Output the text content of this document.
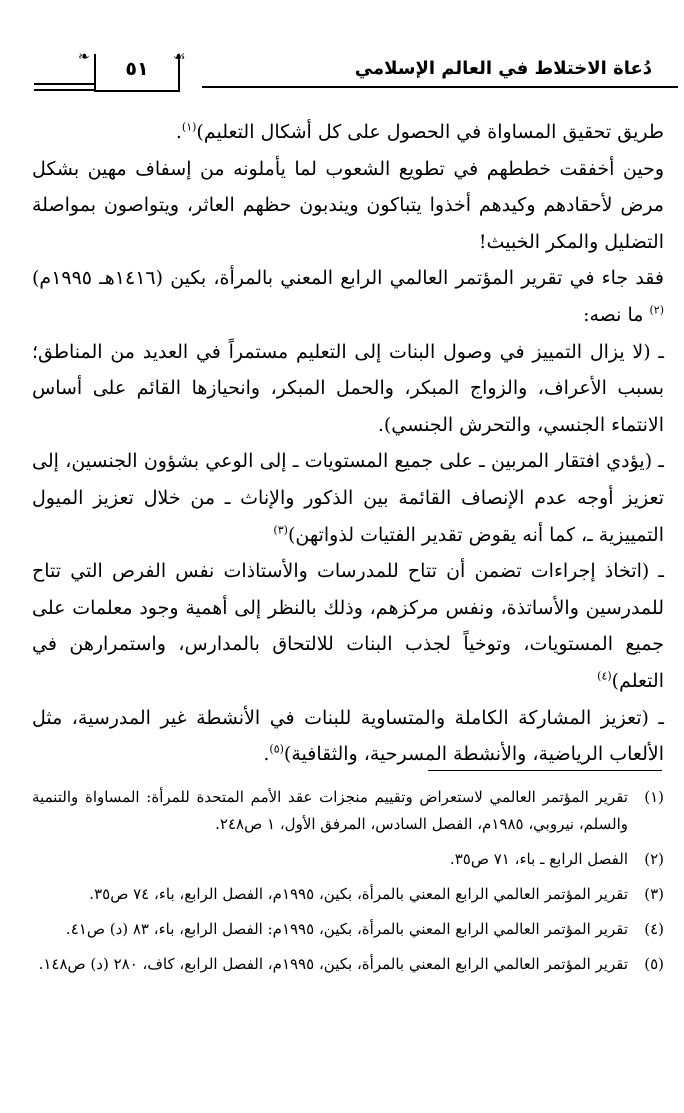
دُعاة الاختلاط في العالم الإسلامي
٥١
❧	☙

طريق تحقيق المساواة في الحصول على كل أشكال التعليم)$^{(١)}$.

وحين أخفقت خططهم في تطويع الشعوب لما يأملونه من إسفاف مهين بشكل مرض لأحقادهم وكيدهم أخذوا يتباكون ويندبون حظهم العاثر، ويتواصون بمواصلة التضليل والمكر الخبيث!

فقد جاء في تقرير المؤتمر العالمي الرابع المعني بالمرأة، بكين (١٤١٦هـ ١٩٩٥م)$^{(٢)}$ ما نصه:

ـ (لا يزال التمييز في وصول البنات إلى التعليم مستمراً في العديد من المناطق؛ بسبب الأعراف، والزواج المبكر، والحمل المبكر، وانحيازها القائم على أساس الانتماء الجنسي، والتحرش الجنسي).

ـ (يؤدي افتقار المربين ـ على جميع المستويات ـ إلى الوعي بشؤون الجنسين، إلى تعزيز أوجه عدم الإنصاف القائمة بين الذكور والإناث ـ من خلال تعزيز الميول التمييزية ـ، كما أنه يقوض تقدير الفتيات لذواتهن)$^{(٣)}$

ـ (اتخاذ إجراءات تضمن أن تتاح للمدرسات والأستاذات نفس الفرص التي تتاح للمدرسين والأساتذة، ونفس مركزهم، وذلك بالنظر إلى أهمية وجود معلمات على جميع المستويات، وتوخياً لجذب البنات للالتحاق بالمدارس، واستمرارهن في التعلم)$^{(٤)}$

ـ (تعزيز المشاركة الكاملة والمتساوية للبنات في الأنشطة غير المدرسية، مثل الألعاب الرياضية، والأنشطة المسرحية، والثقافية)$^{(٥)}$.

(١)
تقرير المؤتمر العالمي لاستعراض وتقييم منجزات عقد الأمم المتحدة للمرأة: المساواة والتنمية والسلم، نيروبي، ١٩٨٥م، الفصل السادس، المرفق الأول، ١ ص٢٤٨.
(٢)
الفصل الرابع ـ باء، ٧١ ص٣٥.
(٣)
تقرير المؤتمر العالمي الرابع المعني بالمرأة، بكين، ١٩٩٥م، الفصل الرابع، باء، ٧٤ ص٣٥.
(٤)
تقرير المؤتمر العالمي الرابع المعني بالمرأة، بكين، ١٩٩٥م: الفصل الرابع، باء، ٨٣ (د) ص٤١.
(٥)
تقرير المؤتمر العالمي الرابع المعني بالمرأة، بكين، ١٩٩٥م، الفصل الرابع، كاف، ٢٨٠ (د) ص١٤٨.
